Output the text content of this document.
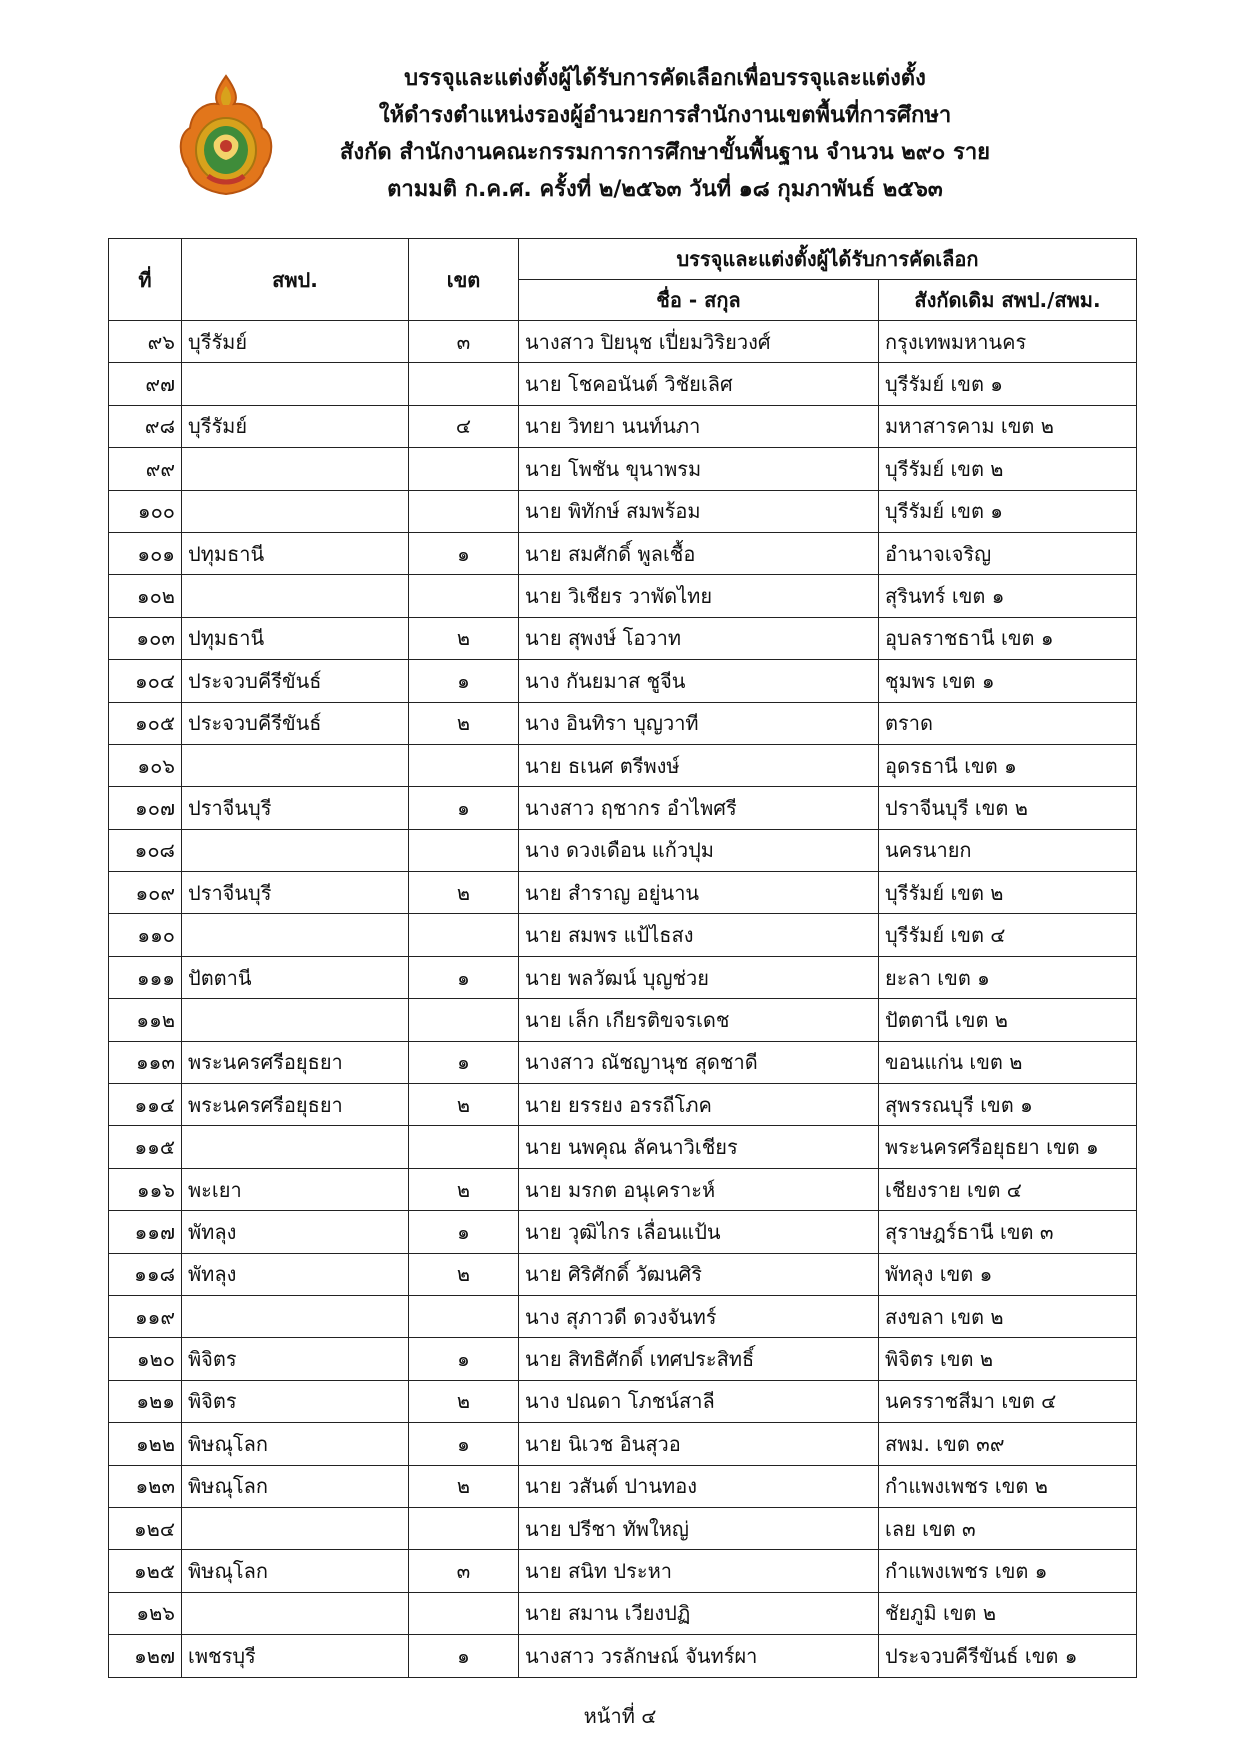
บรรจุและแต่งตั้งผู้ได้รับการคัดเลือกเพื่อบรรจุและแต่งตั้ง
ให้ดำรงตำแหน่งรองผู้อำนวยการสำนักงานเขตพื้นที่การศึกษา
สังกัด สำนักงานคณะกรรมการการศึกษาขั้นพื้นฐาน จำนวน ๒๙๐ ราย
ตามมติ ก.ค.ศ. ครั้งที่ ๒/๒๕๖๓ วันที่ ๑๘ กุมภาพันธ์ ๒๕๖๓
ที่	สพป.	เขต	บรรจุและแต่งตั้งผู้ได้รับการคัดเลือก	
			ชื่อ - สกุล	สังกัดเดิม สพป./สพม.
๙๖	บุรีรัมย์	๓	นางสาว ปิยนุช เปี่ยมวิริยวงศ์	กรุงเทพมหานคร
๙๗			นาย โชคอนันต์ วิชัยเลิศ	บุรีรัมย์ เขต ๑
๙๘	บุรีรัมย์	๔	นาย วิทยา นนท์นภา	มหาสารคาม เขต ๒
๙๙			นาย โพชัน ขุนาพรม	บุรีรัมย์ เขต ๒
๑๐๐			นาย พิทักษ์ สมพร้อม	บุรีรัมย์ เขต ๑
๑๐๑	ปทุมธานี	๑	นาย สมศักดิ์ พูลเชื้อ	อำนาจเจริญ
๑๐๒			นาย วิเชียร วาพัดไทย	สุรินทร์ เขต ๑
๑๐๓	ปทุมธานี	๒	นาย สุพงษ์ โอวาท	อุบลราชธานี เขต ๑
๑๐๔	ประจวบคีรีขันธ์	๑	นาง กันยมาส ชูจีน	ชุมพร เขต ๑
๑๐๕	ประจวบคีรีขันธ์	๒	นาง อินทิรา บุญวาที	ตราด
๑๐๖			นาย ธเนศ ตรีพงษ์	อุดรธานี เขต ๑
๑๐๗	ปราจีนบุรี	๑	นางสาว ฤชากร อำไพศรี	ปราจีนบุรี เขต ๒
๑๐๘			นาง ดวงเดือน แก้วปุม	นครนายก
๑๐๙	ปราจีนบุรี	๒	นาย สำราญ อยู่นาน	บุรีรัมย์ เขต ๒
๑๑๐			นาย สมพร แป้ไธสง	บุรีรัมย์ เขต ๔
๑๑๑	ปัตตานี	๑	นาย พลวัฒน์ บุญช่วย	ยะลา เขต ๑
๑๑๒			นาย เล็ก เกียรติขจรเดช	ปัตตานี เขต ๒
๑๑๓	พระนครศรีอยุธยา	๑	นางสาว ณัชญานุช สุดชาดี	ขอนแก่น เขต ๒
๑๑๔	พระนครศรีอยุธยา	๒	นาย ยรรยง อรรถีโภค	สุพรรณบุรี เขต ๑
๑๑๕			นาย นพคุณ ลัคนาวิเชียร	พระนครศรีอยุธยา เขต ๑
๑๑๖	พะเยา	๒	นาย มรกต อนุเคราะห์	เชียงราย เขต ๔
๑๑๗	พัทลุง	๑	นาย วุฒิไกร เลื่อนแป้น	สุราษฎร์ธานี เขต ๓
๑๑๘	พัทลุง	๒	นาย ศิริศักดิ์ วัฒนศิริ	พัทลุง เขต ๑
๑๑๙			นาง สุภาวดี ดวงจันทร์	สงขลา เขต ๒
๑๒๐	พิจิตร	๑	นาย สิทธิศักดิ์ เทศประสิทธิ์	พิจิตร เขต ๒
๑๒๑	พิจิตร	๒	นาง ปณดา โภชน์สาลี	นครราชสีมา เขต ๔
๑๒๒	พิษณุโลก	๑	นาย นิเวช อินสุวอ	สพม. เขต ๓๙
๑๒๓	พิษณุโลก	๒	นาย วสันต์ ปานทอง	กำแพงเพชร เขต ๒
๑๒๔			นาย ปรีชา ทัพใหญ่	เลย เขต ๓
๑๒๕	พิษณุโลก	๓	นาย สนิท ประหา	กำแพงเพชร เขต ๑
๑๒๖			นาย สมาน เวียงปฏิ	ชัยภูมิ เขต ๒
๑๒๗	เพชรบุรี	๑	นางสาว วรลักษณ์ จันทร์ผา	ประจวบคีรีขันธ์ เขต ๑
หน้าที่ ๔
